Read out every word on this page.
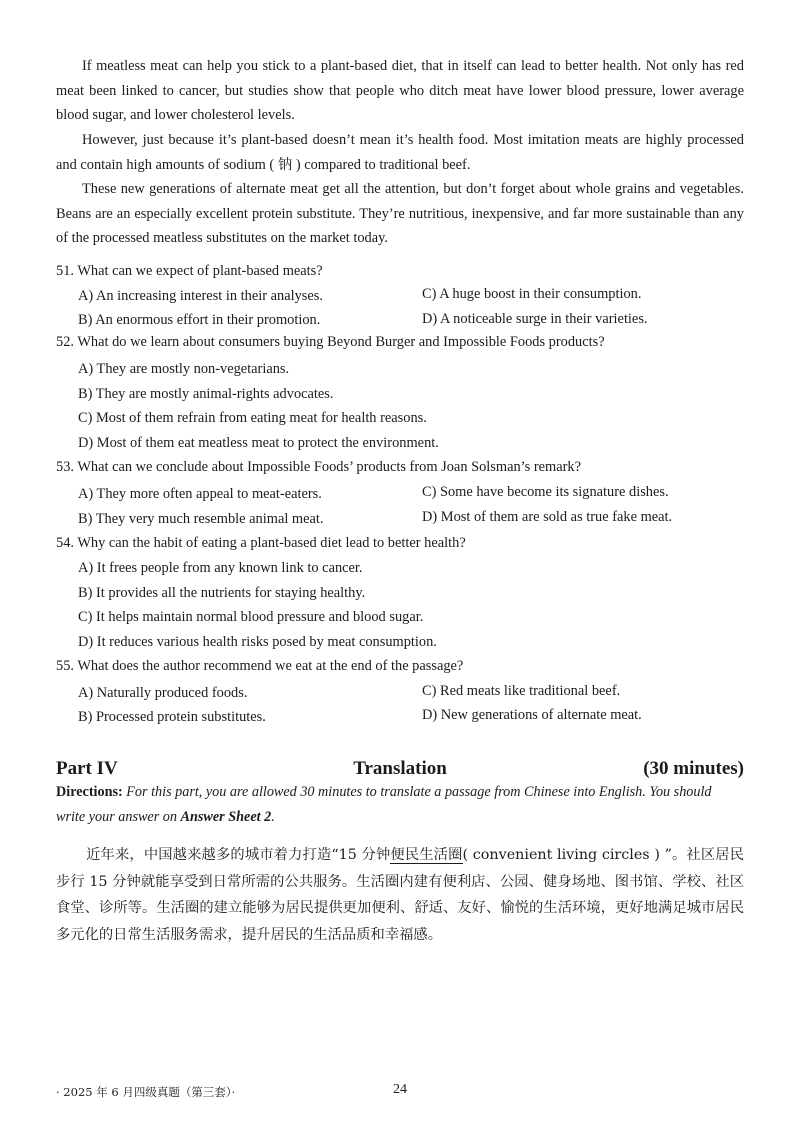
If meatless meat can help you stick to a plant-based diet, that in itself can lead to better health. Not only has red meat been linked to cancer, but studies show that people who ditch meat have lower blood pressure, lower average blood sugar, and lower cholesterol levels.

However, just because it’s plant-based doesn’t mean it’s health food. Most imitation meats are highly processed and contain high amounts of sodium ( 钠 ) compared to traditional beef.

These new generations of alternate meat get all the attention, but don’t forget about whole grains and vegetables. Beans are an especially excellent protein substitute. They’re nutritious, inexpensive, and far more sustainable than any of the processed meatless substitutes on the market today.

51. What can we expect of plant-based meats?
A) An increasing interest in their analyses.
B) An enormous effort in their promotion.
C) A huge boost in their consumption.
D) A noticeable surge in their varieties.
52. What do we learn about consumers buying Beyond Burger and Impossible Foods products?
A) They are mostly non-vegetarians.
B) They are mostly animal-rights advocates.
C) Most of them refrain from eating meat for health reasons.
D) Most of them eat meatless meat to protect the environment.
53. What can we conclude about Impossible Foods’ products from Joan Solsman’s remark?
A) They more often appeal to meat-eaters.
B) They very much resemble animal meat.
C) Some have become its signature dishes.
D) Most of them are sold as true fake meat.
54. Why can the habit of eating a plant-based diet lead to better health?
A) It frees people from any known link to cancer.
B) It provides all the nutrients for staying healthy.
C) It helps maintain normal blood pressure and blood sugar.
D) It reduces various health risks posed by meat consumption.
55. What does the author recommend we eat at the end of the passage?
A) Naturally produced foods.
B) Processed protein substitutes.
C) Red meats like traditional beef.
D) New generations of alternate meat.
Part IV	Translation	(30 minutes)

Directions: For this part, you are allowed 30 minutes to translate a passage from Chinese into English. You should write your answer on Answer Sheet 2.

近年来，中国越来越多的城市着力打造“15 分钟便民生活圈( convenient living circles ) ”。社区居民步行 15 分钟就能享受到日常所需的公共服务。生活圈内建有便利店、公园、健身场地、图书馆、学校、社区食堂、诊所等。生活圈的建立能够为居民提供更加便利、舒适、友好、愉悦的生活环境，更好地满足城市居民多元化的日常生活服务需求，提升居民的生活品质和幸福感。

· 2025 年 6 月四级真题（第三套）·	24
